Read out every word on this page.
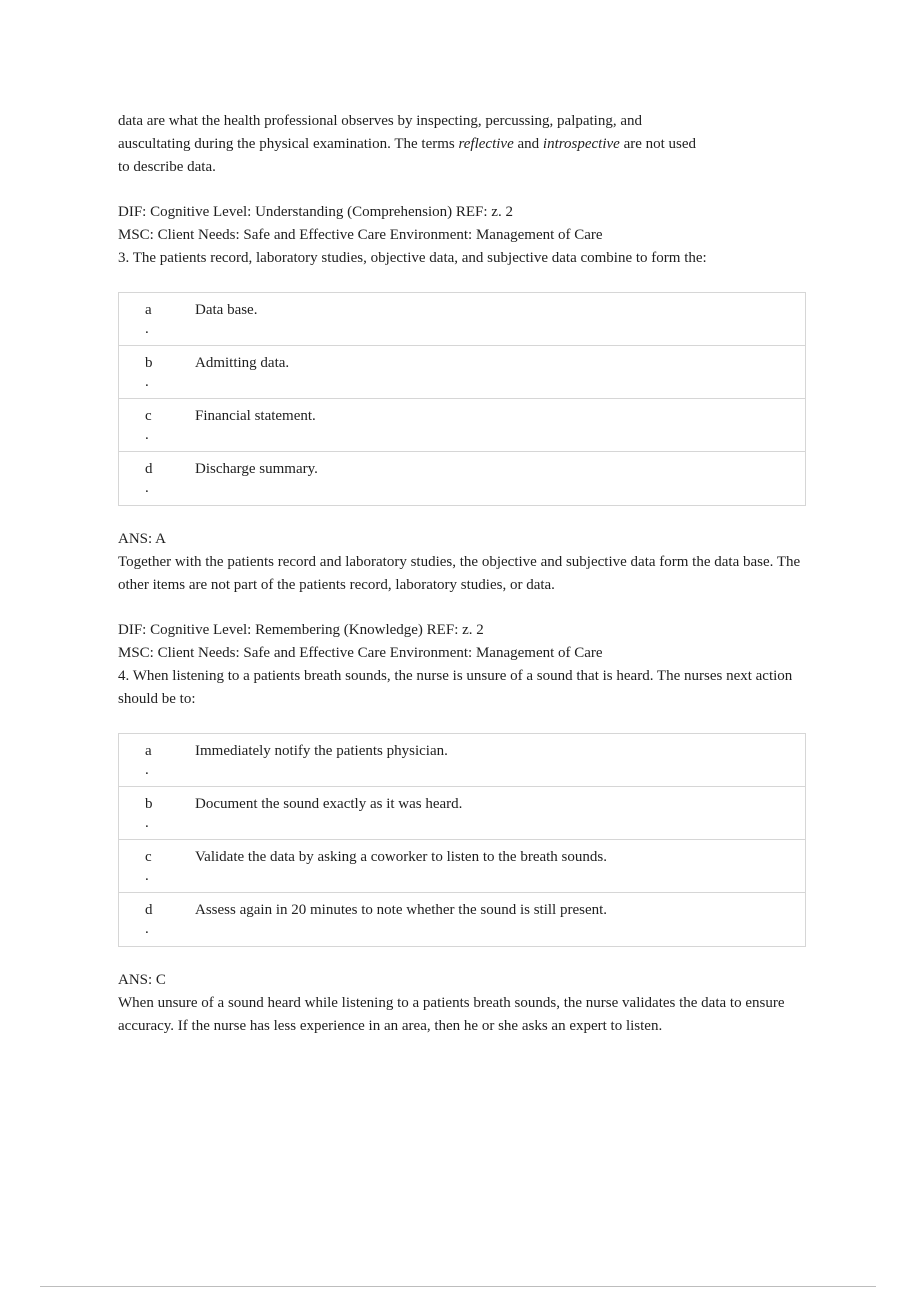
data are what the health professional observes by inspecting, percussing, palpating, and

auscultating during the physical examination. The terms reflective and introspective are not used

to describe data.

DIF: Cognitive Level: Understanding (Comprehension) REF: z. 2

MSC: Client Needs: Safe and Effective Care Environment: Management of Care

3. The patients record, laboratory studies, objective data, and subjective data combine to form the:

a
.
Data base.
b
.
Admitting data.
c
.
Financial statement.
d
.
Discharge summary.

ANS: A

Together with the patients record and laboratory studies, the objective and subjective data form the data base. The other items are not part of the patients record, laboratory studies, or data.

DIF: Cognitive Level: Remembering (Knowledge) REF: z. 2

MSC: Client Needs: Safe and Effective Care Environment: Management of Care

4. When listening to a patients breath sounds, the nurse is unsure of a sound that is heard. The nurses next action should be to:

a
.
Immediately notify the patients physician.
b
.
Document the sound exactly as it was heard.
c
.
Validate the data by asking a coworker to listen to the breath sounds.
d
.
Assess again in 20 minutes to note whether the sound is still present.

ANS: C

When unsure of a sound heard while listening to a patients breath sounds, the nurse validates the data to ensure accuracy. If the nurse has less experience in an area, then he or she asks an expert to listen.
